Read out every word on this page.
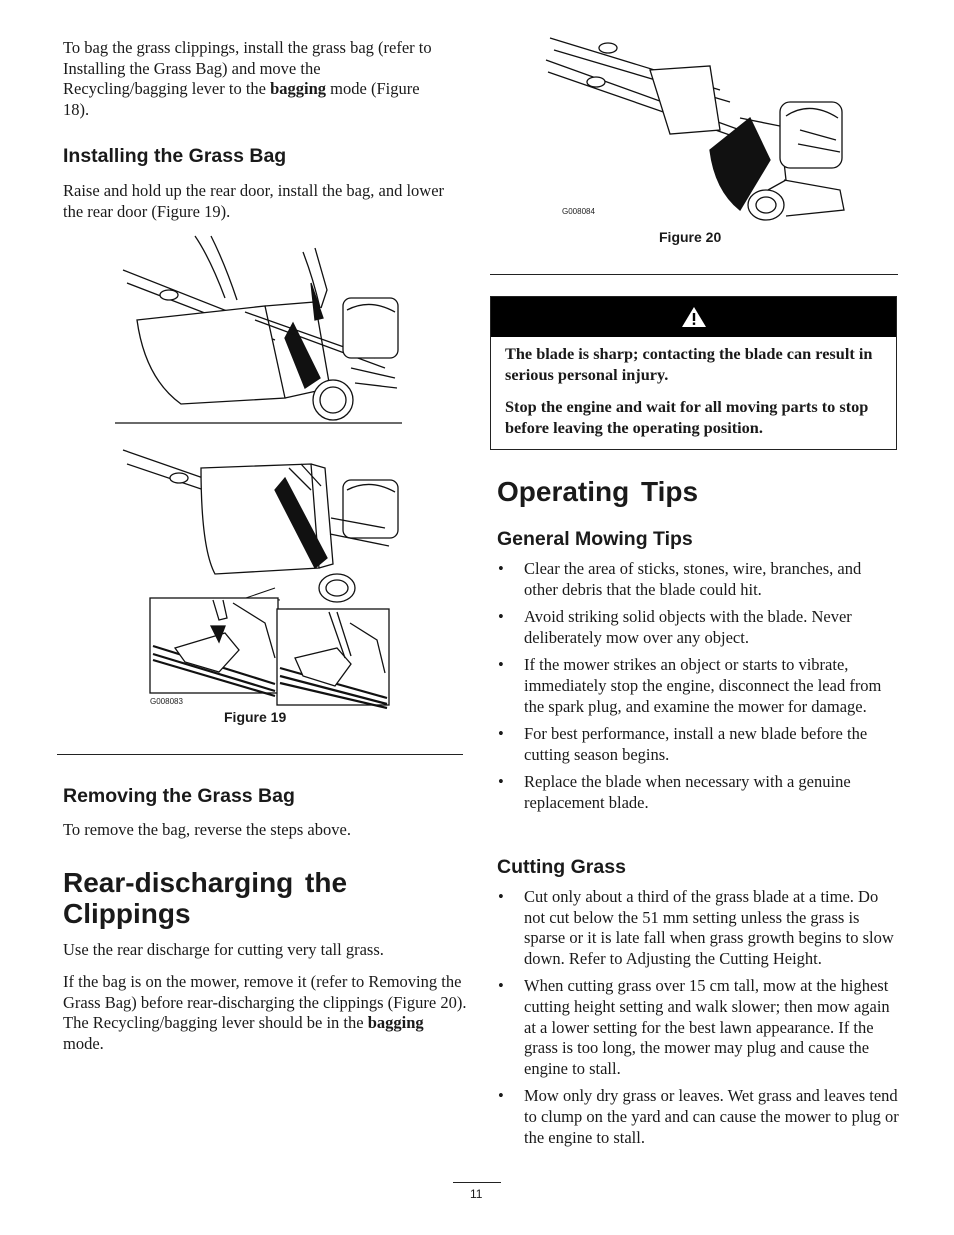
To bag the grass clippings, install the grass bag (refer to Installing the Grass Bag) and move the Recycling/bagging lever to the bagging mode (Figure 18).

Installing the Grass Bag

Raise and hold up the rear door, install the bag, and lower the rear door (Figure 19).

G008083
Figure 19
Removing the Grass Bag

To remove the bag, reverse the steps above.

Rear-discharging the Clippings

Use the rear discharge for cutting very tall grass.

If the bag is on the mower, remove it (refer to Removing the Grass Bag) before rear-discharging the clippings (Figure 20). The Recycling/bagging lever should be in the bagging mode.

G008084
Figure 20

The blade is sharp; contacting the blade can result in serious personal injury.

Stop the engine and wait for all moving parts to stop before leaving the operating position.

Operating Tips
General Mowing Tips
• Clear the area of sticks, stones, wire, branches, and other debris that the blade could hit.
• Avoid striking solid objects with the blade. Never deliberately mow over any object.
• If the mower strikes an object or starts to vibrate, immediately stop the engine, disconnect the lead from the spark plug, and examine the mower for damage.
• For best performance, install a new blade before the cutting season begins.
• Replace the blade when necessary with a genuine replacement blade.
Cutting Grass
• Cut only about a third of the grass blade at a time. Do not cut below the 51 mm setting unless the grass is sparse or it is late fall when grass growth begins to slow down. Refer to Adjusting the Cutting Height.
• When cutting grass over 15 cm tall, mow at the highest cutting height setting and walk slower; then mow again at a lower setting for the best lawn appearance. If the grass is too long, the mower may plug and cause the engine to stall.
• Mow only dry grass or leaves. Wet grass and leaves tend to clump on the yard and can cause the mower to plug or the engine to stall.
11
